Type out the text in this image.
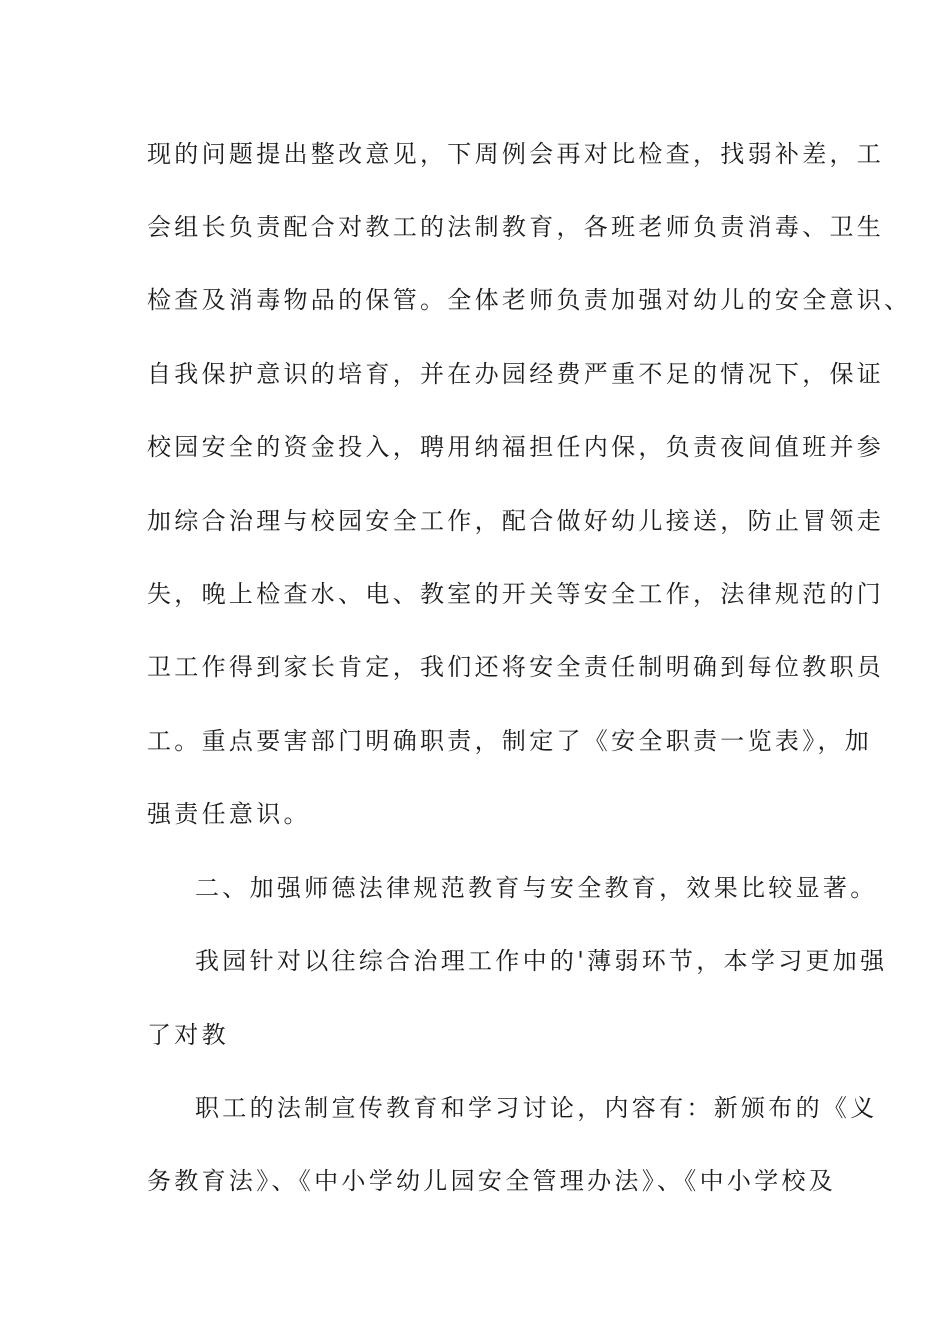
现的问题提出整改意见，下周例会再对比检查，找弱补差，工
会组长负责配合对教工的法制教育，各班老师负责消毒、卫生
检查及消毒物品的保管。全体老师负责加强对幼儿的安全意识、
自我保护意识的培育，并在办园经费严重不足的情况下，保证
校园安全的资金投入，聘用纳福担任内保，负责夜间值班并参
加综合治理与校园安全工作，配合做好幼儿接送，防止冒领走
失，晚上检查水、电、教室的开关等安全工作，法律规范的门
卫工作得到家长肯定，我们还将安全责任制明确到每位教职员
工。重点要害部门明确职责，制定了《安全职责一览表》，加
强责任意识。
二、加强师德法律规范教育与安全教育，效果比较显著。
我园针对以往综合治理工作中的'薄弱环节，本学习更加强
了对教
职工的法制宣传教育和学习讨论，内容有：新颁布的《义
务教育法》、《中小学幼儿园安全管理办法》、《中小学校及
